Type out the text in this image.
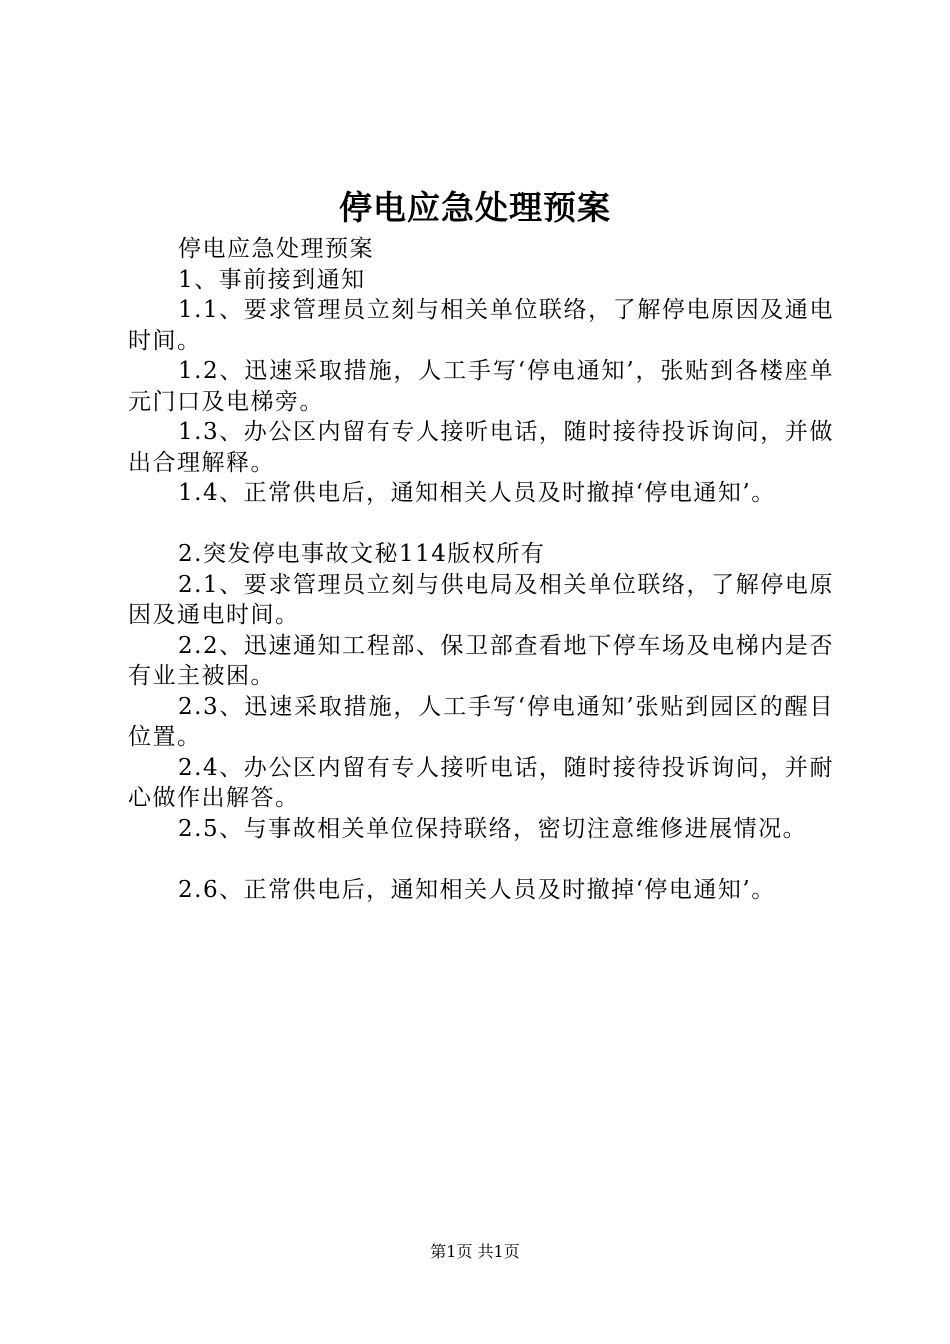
停电应急处理预案

停电应急处理预案

1、事前接到通知

1.1、要求管理员立刻与相关单位联络，了解停电原因及通电时间。

1.2、迅速采取措施，人工手写‘停电通知’，张贴到各楼座单元门口及电梯旁。

1.3、办公区内留有专人接听电话，随时接待投诉询问，并做出合理解释。

1.4、正常供电后，通知相关人员及时撤掉‘停电通知’。

2.突发停电事故文秘114版权所有

2.1、要求管理员立刻与供电局及相关单位联络，了解停电原因及通电时间。

2.2、迅速通知工程部、保卫部查看地下停车场及电梯内是否有业主被困。

2.3、迅速采取措施，人工手写‘停电通知’张贴到园区的醒目位置。

2.4、办公区内留有专人接听电话，随时接待投诉询问，并耐心做作出解答。

2.5、与事故相关单位保持联络，密切注意维修进展情况。

2.6、正常供电后，通知相关人员及时撤掉‘停电通知’。

第1页 共1页
